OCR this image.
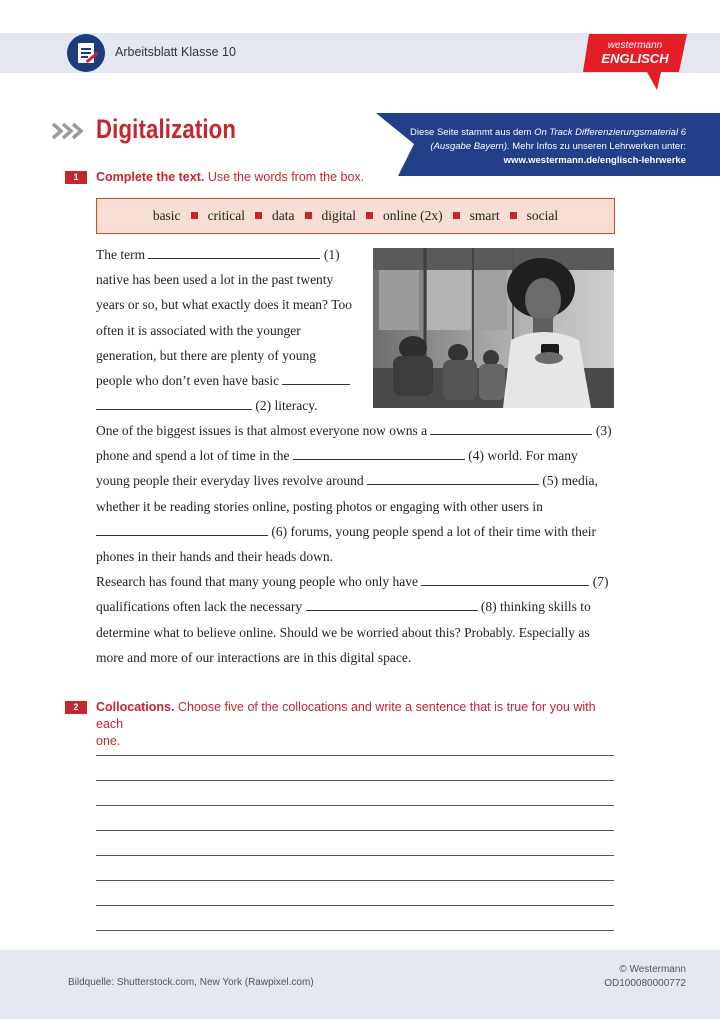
Arbeitsblatt Klasse 10	westermann
ENGLISCH
Digitalization	Diese Seite stammt aus dem On Track Differenzierungsmaterial 6
(Ausgabe Bayern). Mehr Infos zu unseren Lehrwerken unter:
www.westermann.de/englisch-lehrwerke
1	Complete the text. Use the words from the box.
basic critical data digital online (2x) smart social
The term	(1)
native has been used a lot in the past twenty
years or so, but what exactly does it mean? Too
often it is associated with the younger
generation, but there are plenty of young
people who don’t even have basic
(2) literacy.
One of the biggest issues is that almost everyone now owns a	(3)
phone and spend a lot of time in the	(4) world. For many
young people their everyday lives revolve around	(5) media,
whether it be reading stories online, posting photos or engaging with other users in
(6) forums, young people spend a lot of their time with their
phones in their hands and their heads down.
Research has found that many young people who only have	(7)
qualifications often lack the necessary	(8) thinking skills to
determine what to believe online. Should we be worried about this? Probably. Especially as
more and more of our interactions are in this digital space.
2	Collocations. Choose five of the collocations and write a sentence that is true for you with each
one.
Bildquelle: Shutterstock.com, New York (Rawpixel.com)
© Westermann
OD100080000772
